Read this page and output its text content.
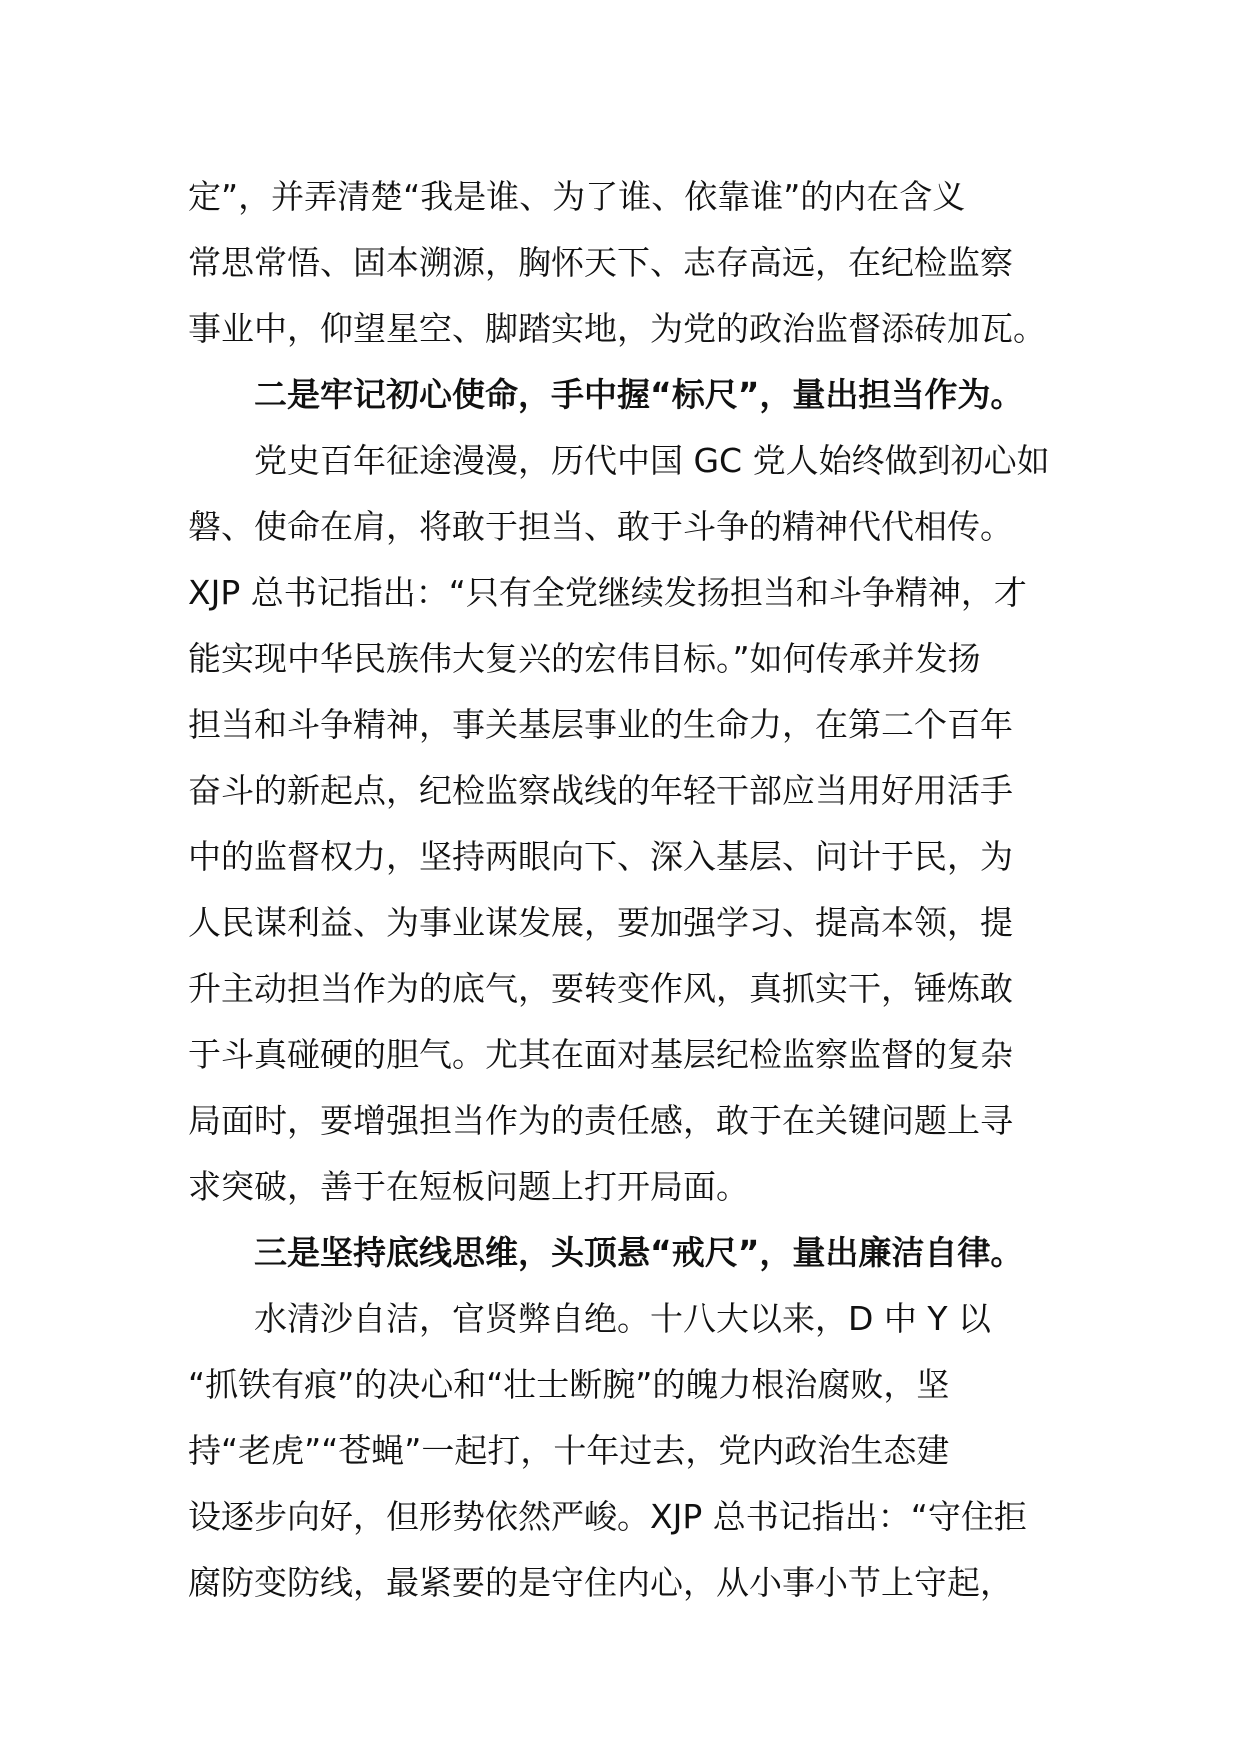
定”，并弄清楚“我是谁、为了谁、依靠谁”的内在含义
常思常悟、固本溯源，胸怀天下、志存高远，在纪检监察
事业中，仰望星空、脚踏实地，为党的政治监督添砖加瓦。
二是牢记初心使命，手中握“标尺”，量出担当作为。
党史百年征途漫漫，历代中国 GC 党人始终做到初心如
磐、使命在肩，将敢于担当、敢于斗争的精神代代相传。
XJP 总书记指出：“只有全党继续发扬担当和斗争精神，才
能实现中华民族伟大复兴的宏伟目标。”如何传承并发扬
担当和斗争精神，事关基层事业的生命力，在第二个百年
奋斗的新起点，纪检监察战线的年轻干部应当用好用活手
中的监督权力，坚持两眼向下、深入基层、问计于民，为
人民谋利益、为事业谋发展，要加强学习、提高本领，提
升主动担当作为的底气，要转变作风，真抓实干，锤炼敢
于斗真碰硬的胆气。尤其在面对基层纪检监察监督的复杂
局面时，要增强担当作为的责任感，敢于在关键问题上寻
求突破，善于在短板问题上打开局面。
三是坚持底线思维，头顶悬“戒尺”，量出廉洁自律。
水清沙自洁，官贤弊自绝。十八大以来，D 中 Y 以
“抓铁有痕”的决心和“壮士断腕”的魄力根治腐败，坚
持“老虎”“苍蝇”一起打，十年过去，党内政治生态建
设逐步向好，但形势依然严峻。XJP 总书记指出：“守住拒
腐防变防线，最紧要的是守住内心，从小事小节上守起，
